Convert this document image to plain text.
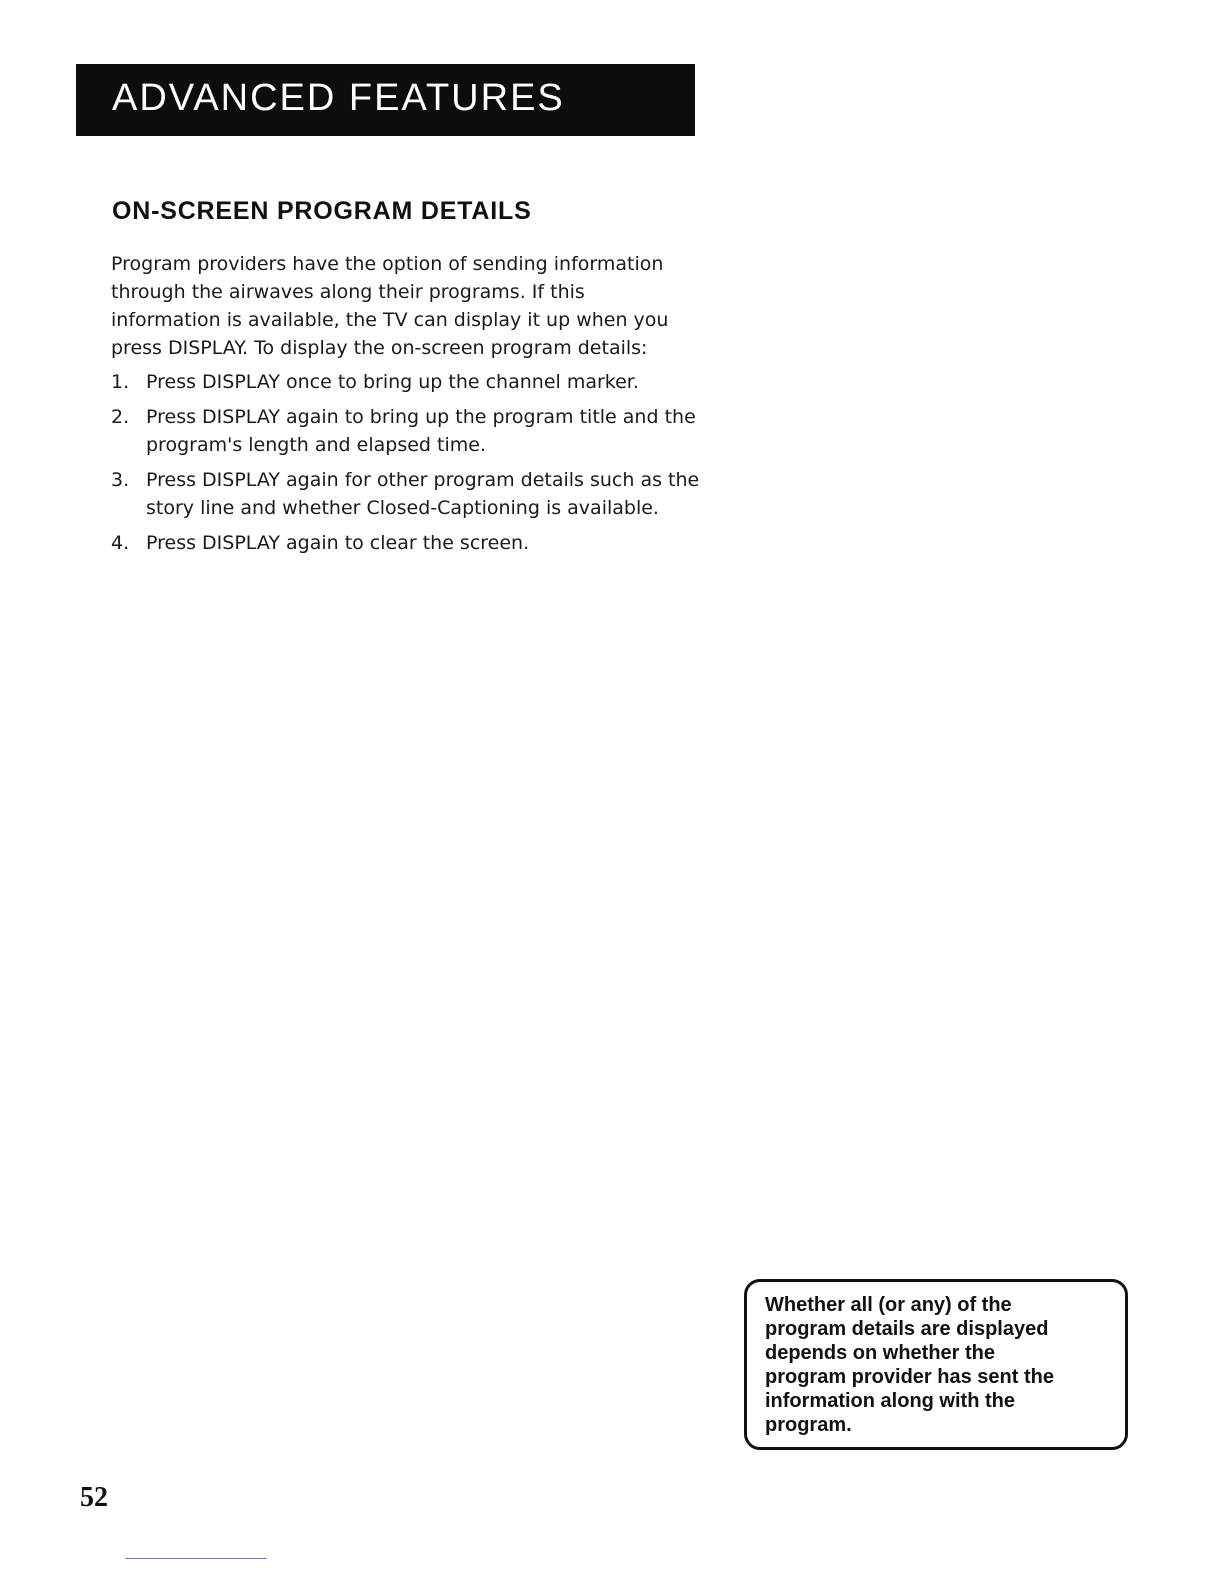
ADVANCED FEATURES
ON-SCREEN PROGRAM DETAILS
Program providers have the option of sending information
through the airwaves along their programs. If this
information is available, the TV can display it up when you
press DISPLAY. To display the on-screen program details:
1. Press DISPLAY once to bring up the channel marker.
2. Press DISPLAY again to bring up the program title and the
program's length and elapsed time.
3. Press DISPLAY again for other program details such as the
story line and whether Closed-Captioning is available.
4. Press DISPLAY again to clear the screen.
Whether all (or any) of the
program details are displayed
depends on whether the
program provider has sent the
information along with the
program.
52
